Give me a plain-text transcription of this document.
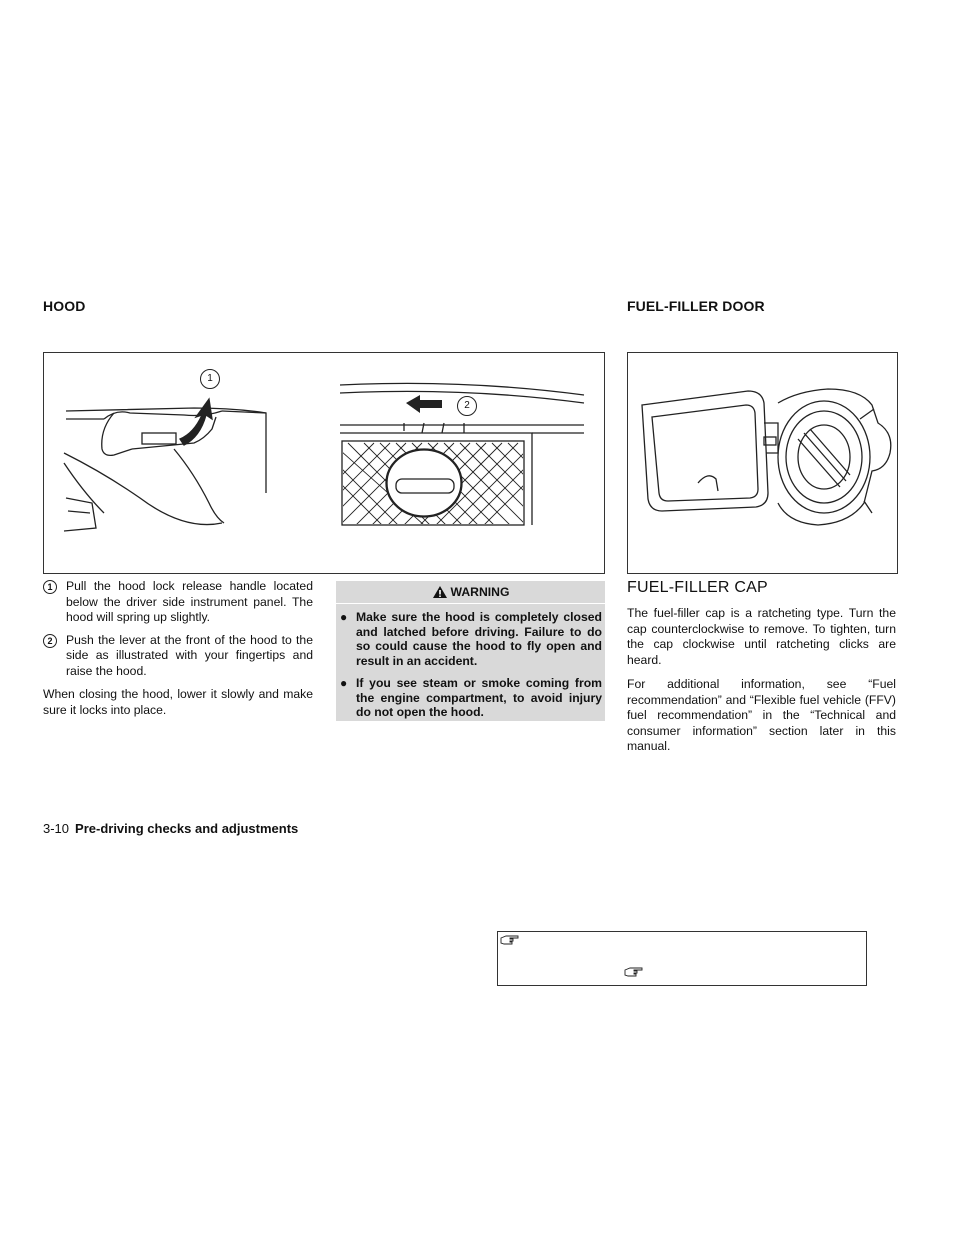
HOOD	FUEL-FILLER DOOR
1
2
1	Pull the hood lock release handle located below the driver side instrument panel. The hood will spring up slightly.
2	Push the lever at the front of the hood to the side as illustrated with your fingertips and raise the hood.
When closing the hood, lower it slowly and make sure it locks into place.
WARNING
● Make sure the hood is completely closed and latched before driving. Failure to do so could cause the hood to fly open and result in an accident.
● If you see steam or smoke coming from the engine compartment, to avoid injury do not open the hood.
FUEL-FILLER CAP

The fuel-filler cap is a ratcheting type. Turn the cap counterclockwise to remove. To tighten, turn the cap clockwise until ratcheting clicks are heard.

For additional information, see “Fuel recommendation” and “Flexible fuel vehicle (FFV) fuel recommendation” in the “Technical and consumer information” section later in this manual.

3-10 Pre-driving checks and adjustments
